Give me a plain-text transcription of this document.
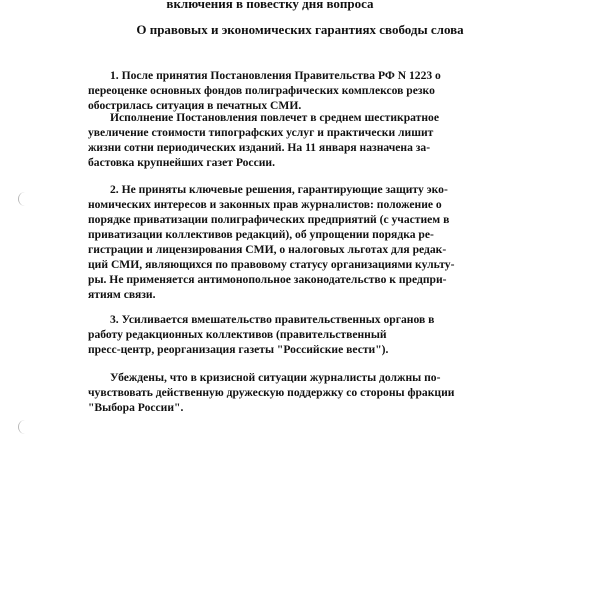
включения в повестку дня вопроса
О правовых и экономических гарантиях свободы слова
1. После принятия Постановления Правительства РФ N 1223 о
переоценке основных фондов полиграфических комплексов резко
обострилась ситуация в печатных СМИ.
Исполнение Постановления повлечет в среднем шестикратное
увеличение стоимости типографских услуг и практически лишит
жизни сотни периодических изданий. На 11 января назначена за-
бастовка крупнейших газет России.
2. Не приняты ключевые решения, гарантирующие защиту эко-
номических интересов и законных прав журналистов: положение о
порядке приватизации полиграфических предприятий (с участием в
приватизации коллективов редакций), об упрощении порядка ре-
гистрации и лицензирования СМИ, о налоговых льготах для редак-
ций СМИ, являющихся по правовому статусу организациями культу-
ры. Не применяется антимонопольное законодательство к предпри-
ятиям связи.
3. Усиливается вмешательство правительственных органов в
работу редакционных коллективов (правительственный
пресс-центр, реорганизация газеты "Российские вести").
Убеждены, что в кризисной ситуации журналисты должны по-
чувствовать действенную дружескую поддержку со стороны фракции
"Выбора России".
